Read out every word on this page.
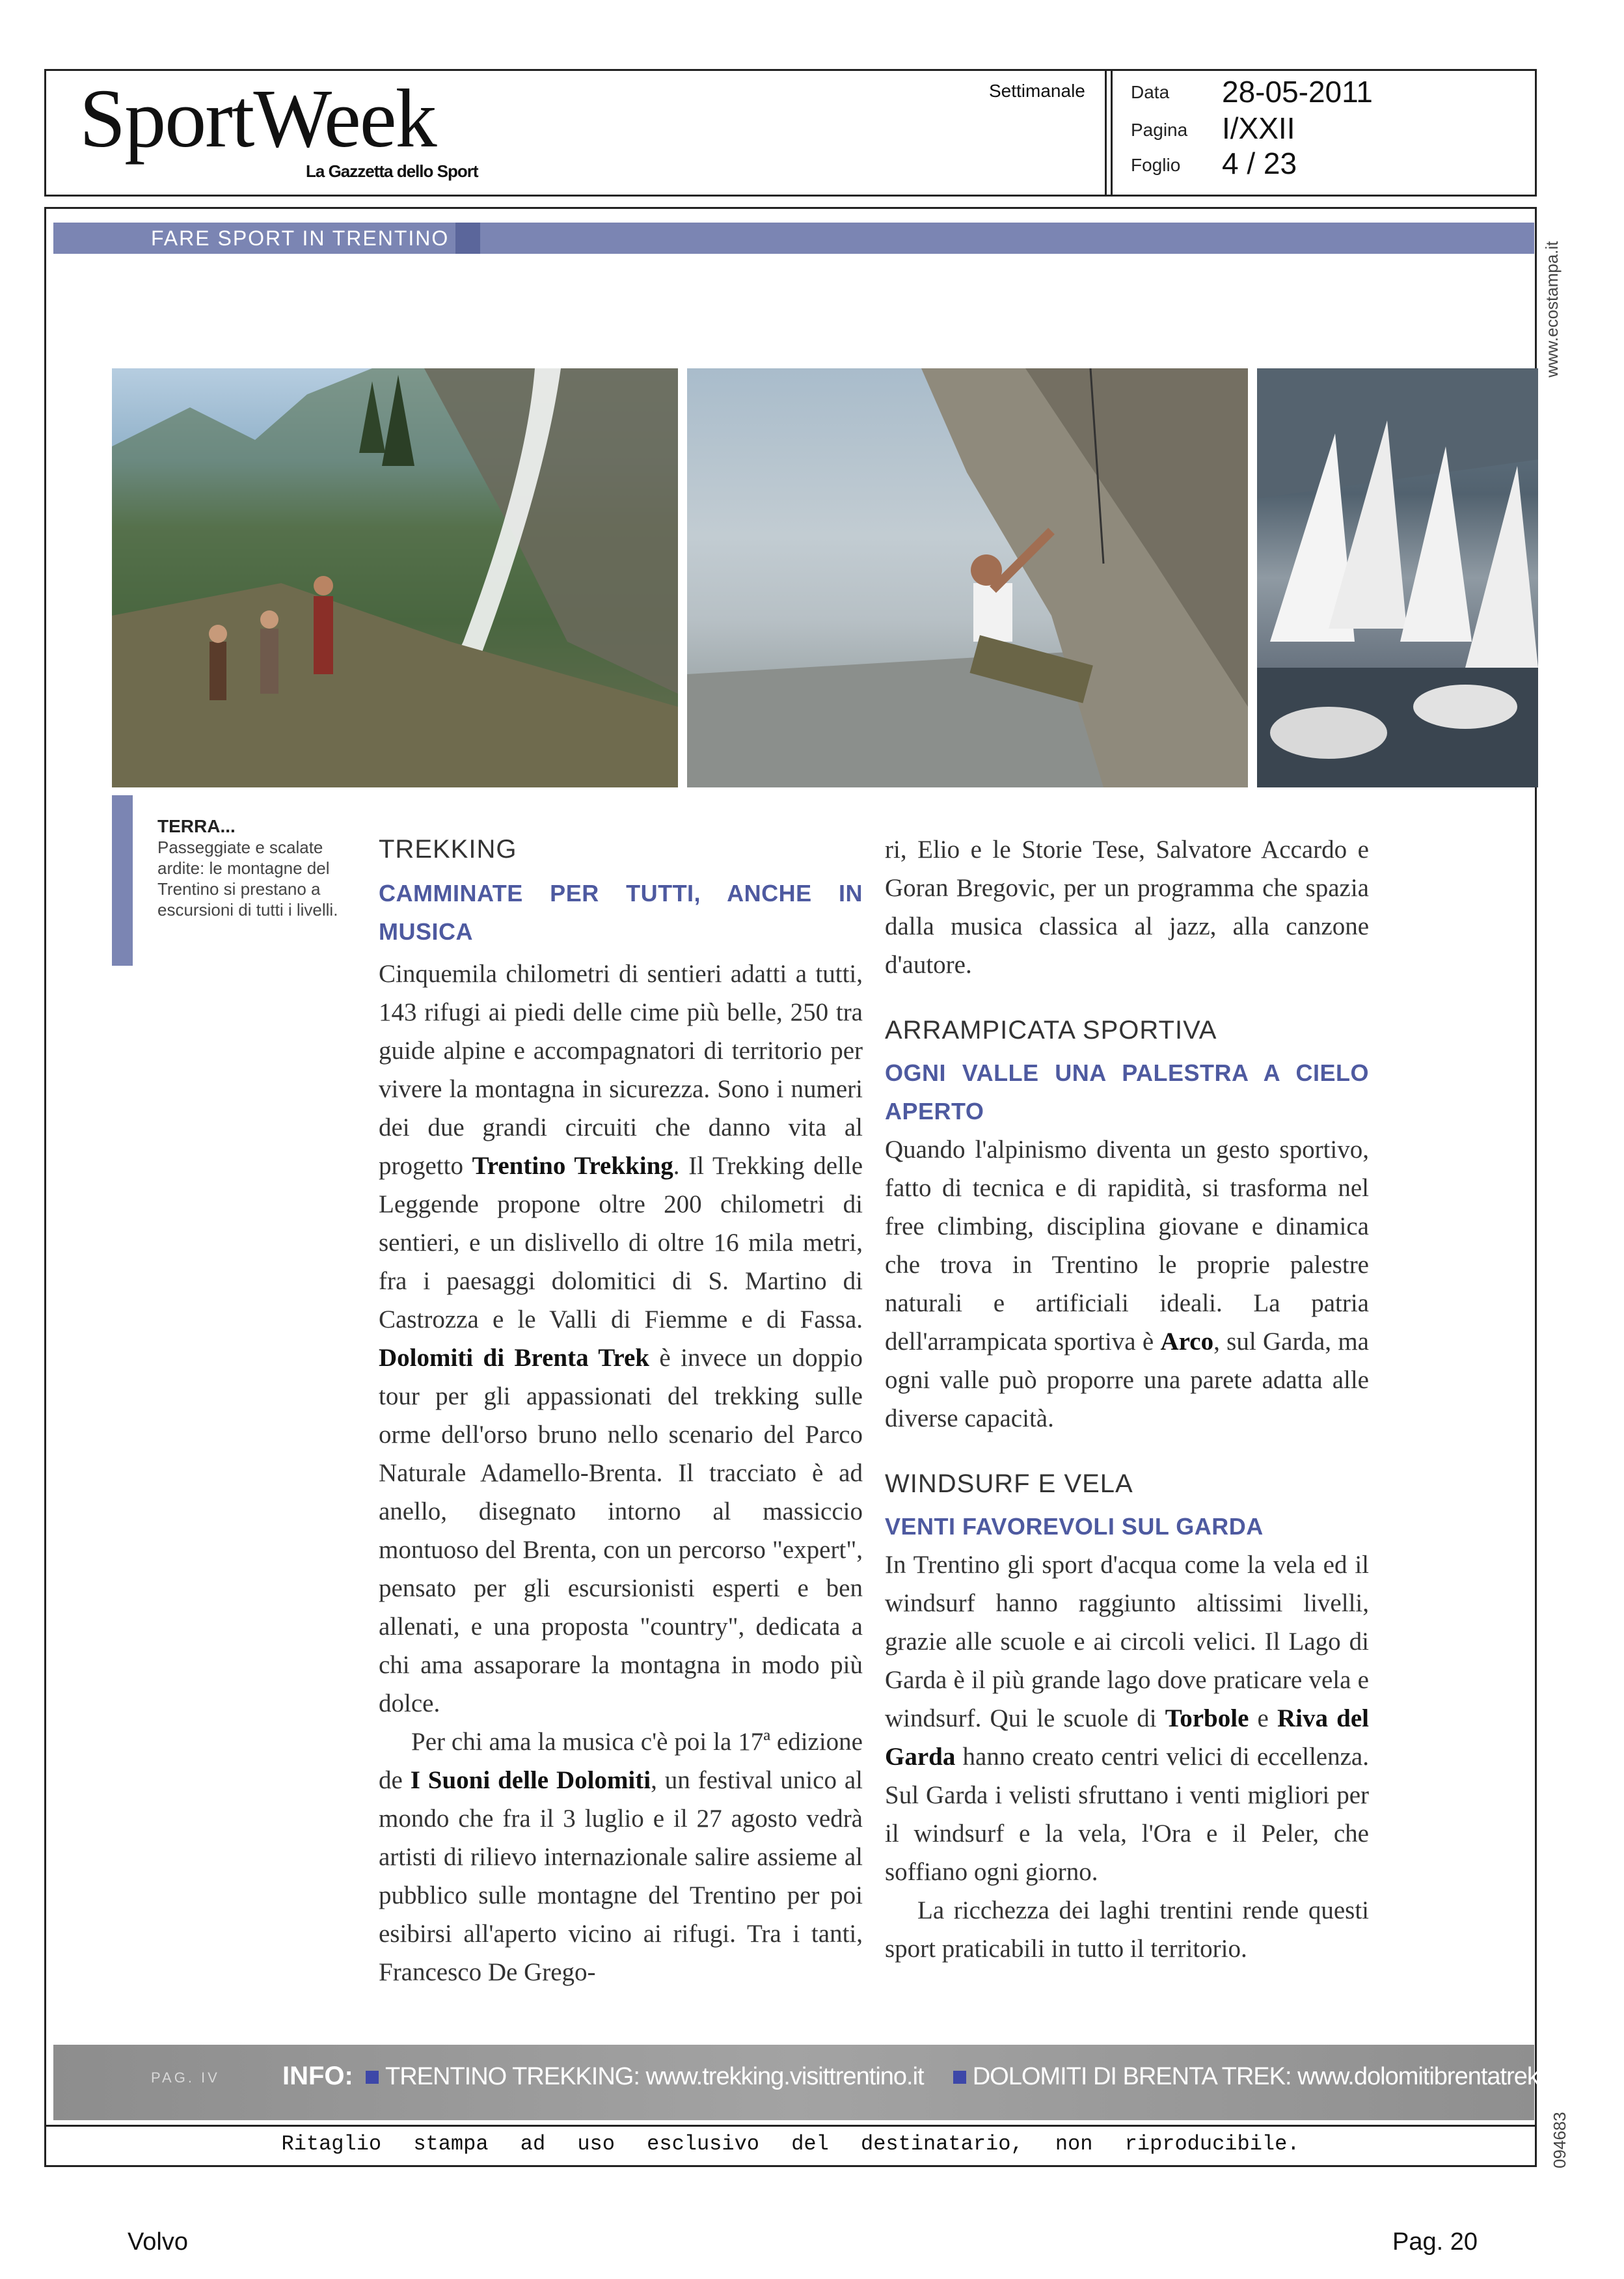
SportWeek
La Gazzetta dello Sport
Settimanale	Data 28-05-2011
Pagina I/XXII
Foglio 4 / 23
www.ecostampa.it
094683
FARE SPORT IN TRENTINO
TERRA...
Passeggiate e scalate ardite: le montagne del Trentino si prestano a escursioni di tutti i livelli.
TREKKING
CAMMINATE PER TUTTI, ANCHE IN MUSICA

Cinquemila chilometri di sentieri adatti a tutti, 143 rifugi ai piedi delle cime più belle, 250 tra guide alpine e accompagnatori di territorio per vivere la montagna in sicurezza. Sono i numeri dei due grandi circuiti che danno vita al progetto Trentino Trekking. Il Trekking delle Leggende propone oltre 200 chilometri di sentieri, e un dislivello di oltre 16 mila metri, fra i paesaggi dolomitici di S. Martino di Castrozza e le Valli di Fiemme e di Fassa. Dolomiti di Brenta Trek è invece un doppio tour per gli appassionati del trekking sulle orme dell'orso bruno nello scenario del Parco Naturale Adamello-Brenta. Il tracciato è ad anello, disegnato intorno al massiccio montuoso del Brenta, con un percorso "expert", pensato per gli escursionisti esperti e ben allenati, e una proposta "country", dedicata a chi ama assaporare la montagna in modo più dolce.

Per chi ama la musica c'è poi la 17ª edizione de I Suoni delle Dolomiti, un festival unico al mondo che fra il 3 luglio e il 27 agosto vedrà artisti di rilievo internazionale salire assieme al pubblico sulle montagne del Trentino per poi esibirsi all'aperto vicino ai rifugi. Tra i tanti, Francesco De Grego-

ri, Elio e le Storie Tese, Salvatore Accardo e Goran Bregovic, per un programma che spazia dalla musica classica al jazz, alla canzone d'autore.

ARRAMPICATA SPORTIVA
OGNI VALLE UNA PALESTRA A CIELO APERTO

Quando l'alpinismo diventa un gesto sportivo, fatto di tecnica e di rapidità, si trasforma nel free climbing, disciplina giovane e dinamica che trova in Trentino le proprie palestre naturali e artificiali ideali. La patria dell'arrampicata sportiva è Arco, sul Garda, ma ogni valle può proporre una parete adatta alle diverse capacità.

WINDSURF E VELA
VENTI FAVOREVOLI SUL GARDA

In Trentino gli sport d'acqua come la vela ed il windsurf hanno raggiunto altissimi livelli, grazie alle scuole e ai circoli velici. Il Lago di Garda è il più grande lago dove praticare vela e windsurf. Qui le scuole di Torbole e Riva del Garda hanno creato centri velici di eccellenza. Sul Garda i velisti sfruttano i venti migliori per il windsurf e la vela, l'Ora e il Peler, che soffiano ogni giorno.

La ricchezza dei laghi trentini rende questi sport praticabili in tutto il territorio.

PAG. IV INFO:	TRENTINO TREKKING: www.trekking.visittrentino.it DOLOMITI DI BRENTA TREK: www.dolomitibrentatrek.it
Ritaglio stampa ad uso esclusivo del destinatario, non riproducibile.
Volvo	Pag. 20
